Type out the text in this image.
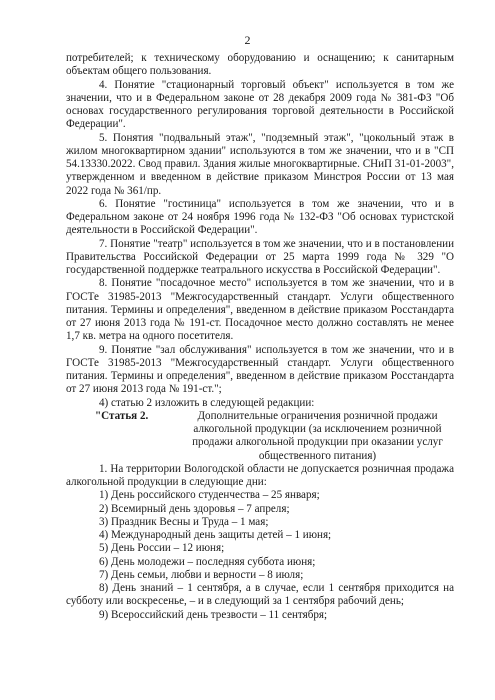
2

потребителей; к техническому оборудованию и оснащению; к санитарным объектам общего пользования.

4. Понятие "стационарный торговый объект" используется в том же значении, что и в Федеральном законе от 28 декабря 2009 года № 381-ФЗ "Об основах государственного регулирования торговой деятельности в Российской Федерации".

5. Понятия "подвальный этаж", "подземный этаж", "цокольный этаж в жилом многоквартирном здании" используются в том же значении, что и в "СП 54.13330.2022. Свод правил. Здания жилые многоквартирные. СНиП 31-01-2003", утвержденном и введенном в действие приказом Минстроя России от 13 мая 2022 года № 361/пр.

6. Понятие "гостиница" используется в том же значении, что и в Федеральном законе от 24 ноября 1996 года № 132-ФЗ "Об основах туристской деятельности в Российской Федерации".

7. Понятие "театр" используется в том же значении, что и в постановлении Правительства Российской Федерации от 25 марта 1999 года № 329 "О государственной поддержке театрального искусства в Российской Федерации".

8. Понятие "посадочное место" используется в том же значении, что и в ГОСТе 31985-2013 "Межгосударственный стандарт. Услуги общественного питания. Термины и определения", введенном в действие приказом Росстандарта от 27 июня 2013 года № 191-ст. Посадочное место должно составлять не менее 1,7 кв. метра на одного посетителя.

9. Понятие "зал обслуживания" используется в том же значении, что и в ГОСТе 31985-2013 "Межгосударственный стандарт. Услуги общественного питания. Термины и определения", введенном в действие приказом Росстандарта от 27 июня 2013 года № 191-ст.";

4) статью 2 изложить в следующей редакции:

"Статья 2.	Дополнительные ограничения розничной продажи алкогольной продукции (за исключением розничной продажи алкогольной продукции при оказании услуг общественного питания)

1. На территории Вологодской области не допускается розничная продажа алкогольной продукции в следующие дни:

1) День российского студенчества – 25 января;

2) Всемирный день здоровья – 7 апреля;

3) Праздник Весны и Труда – 1 мая;

4) Международный день защиты детей – 1 июня;

5) День России – 12 июня;

6) День молодежи – последняя суббота июня;

7) День семьи, любви и верности – 8 июля;

8) День знаний – 1 сентября, а в случае, если 1 сентября приходится на субботу или воскресенье, – и в следующий за 1 сентября рабочий день;

9) Всероссийский день трезвости – 11 сентября;
